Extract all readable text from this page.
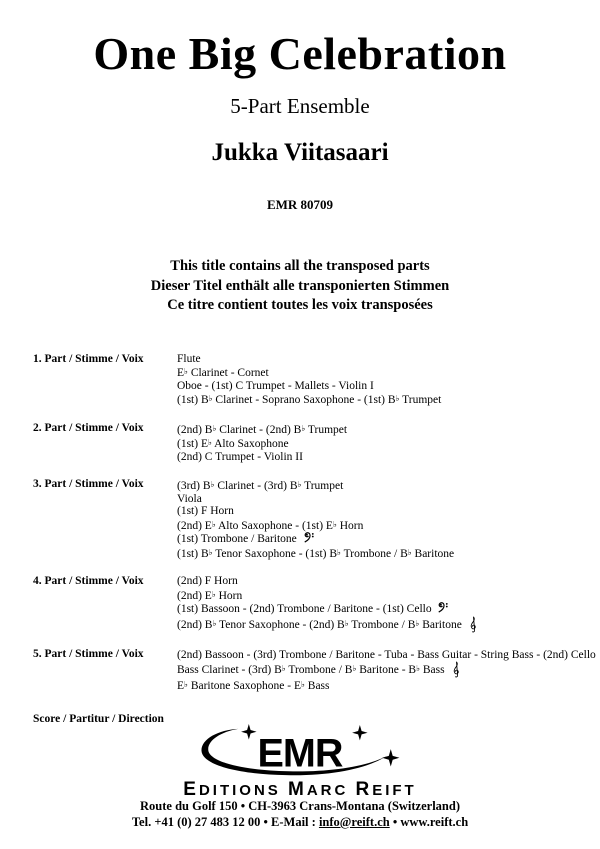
One Big Celebration
5-Part Ensemble
Jukka Viitasaari
EMR 80709
This title contains all the transposed parts
Dieser Titel enthält alle transponierten Stimmen
Ce titre contient toutes les voix transposées
1. Part / Stimme / Voix	Flute
E♭ Clarinet - Cornet
Oboe - (1st) C Trumpet - Mallets - Violin I
(1st) B♭ Clarinet - Soprano Saxophone - (1st) B♭ Trumpet
2. Part / Stimme / Voix	(2nd) B♭ Clarinet - (2nd) B♭ Trumpet
(1st) E♭ Alto Saxophone
(2nd) C Trumpet - Violin II
3. Part / Stimme / Voix	(3rd) B♭ Clarinet - (3rd) B♭ Trumpet
Viola
(1st) F Horn
(2nd) E♭ Alto Saxophone - (1st) E♭ Horn
(1st) Trombone / Baritone
(1st) B♭ Tenor Saxophone - (1st) B♭ Trombone / B♭ Baritone
4. Part / Stimme / Voix	(2nd) F Horn
(2nd) E♭ Horn
(1st) Bassoon - (2nd) Trombone / Baritone - (1st) Cello
(2nd) B♭ Tenor Saxophone - (2nd) B♭ Trombone / B♭ Baritone
5. Part / Stimme / Voix	(2nd) Bassoon - (3rd) Trombone / Baritone - Tuba - Bass Guitar - String Bass - (2nd) Cello
Bass Clarinet - (3rd) B♭ Trombone / B♭ Baritone - B♭ Bass
E♭ Baritone Saxophone - E♭ Bass
Score / Partitur / Direction
EMR
EDITIONS MARC REIFT
Route du Golf 150 • CH-3963 Crans-Montana (Switzerland)
Tel. +41 (0) 27 483 12 00 • E-Mail : info@reift.ch • www.reift.ch
